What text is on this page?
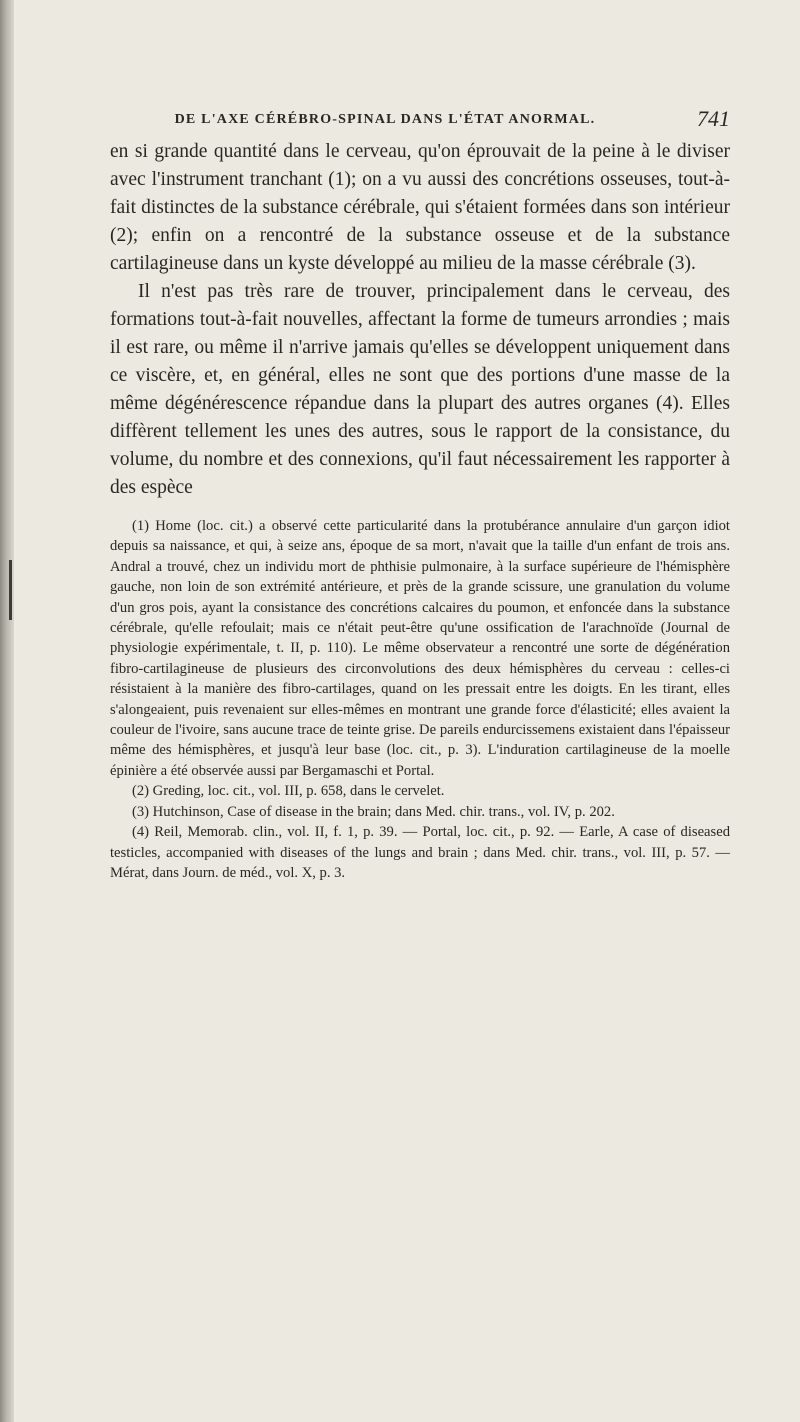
DE L'AXE CÉRÉBRO-SPINAL DANS L'ÉTAT ANORMAL.	741

en si grande quantité dans le cerveau, qu'on éprouvait de la peine à le diviser avec l'instrument tranchant (1); on a vu aussi des concrétions osseuses, tout-à-fait distinctes de la substance cérébrale, qui s'étaient formées dans son intérieur (2); enfin on a rencontré de la substance osseuse et de la substance cartilagineuse dans un kyste développé au milieu de la masse cérébrale (3).

Il n'est pas très rare de trouver, principalement dans le cerveau, des formations tout-à-fait nouvelles, affectant la forme de tumeurs arrondies ; mais il est rare, ou même il n'arrive jamais qu'elles se développent uniquement dans ce viscère, et, en général, elles ne sont que des portions d'une masse de la même dégénérescence répandue dans la plupart des autres organes (4). Elles diffèrent tellement les unes des autres, sous le rapport de la consistance, du volume, du nombre et des connexions, qu'il faut nécessairement les rapporter à des espèce

(1) Home (loc. cit.) a observé cette particularité dans la protubérance annulaire d'un garçon idiot depuis sa naissance, et qui, à seize ans, époque de sa mort, n'avait que la taille d'un enfant de trois ans. Andral a trouvé, chez un individu mort de phthisie pulmonaire, à la surface supérieure de l'hémisphère gauche, non loin de son extrémité antérieure, et près de la grande scissure, une granulation du volume d'un gros pois, ayant la consistance des concrétions calcaires du poumon, et enfoncée dans la substance cérébrale, qu'elle refoulait; mais ce n'était peut-être qu'une ossification de l'arachnoïde (Journal de physiologie expérimentale, t. II, p. 110). Le même observateur a rencontré une sorte de dégénération fibro-cartilagineuse de plusieurs des circonvolutions des deux hémisphères du cerveau : celles-ci résistaient à la manière des fibro-cartilages, quand on les pressait entre les doigts. En les tirant, elles s'alongeaient, puis revenaient sur elles-mêmes en montrant une grande force d'élasticité; elles avaient la couleur de l'ivoire, sans aucune trace de teinte grise. De pareils endurcissemens existaient dans l'épaisseur même des hémisphères, et jusqu'à leur base (loc. cit., p. 3). L'induration cartilagineuse de la moelle épinière a été observée aussi par Bergamaschi et Portal.

(2) Greding, loc. cit., vol. III, p. 658, dans le cervelet.

(3) Hutchinson, Case of disease in the brain; dans Med. chir. trans., vol. IV, p. 202.

(4) Reil, Memorab. clin., vol. II, f. 1, p. 39. — Portal, loc. cit., p. 92. — Earle, A case of diseased testicles, accompanied with diseases of the lungs and brain ; dans Med. chir. trans., vol. III, p. 57. — Mérat, dans Journ. de méd., vol. X, p. 3.
